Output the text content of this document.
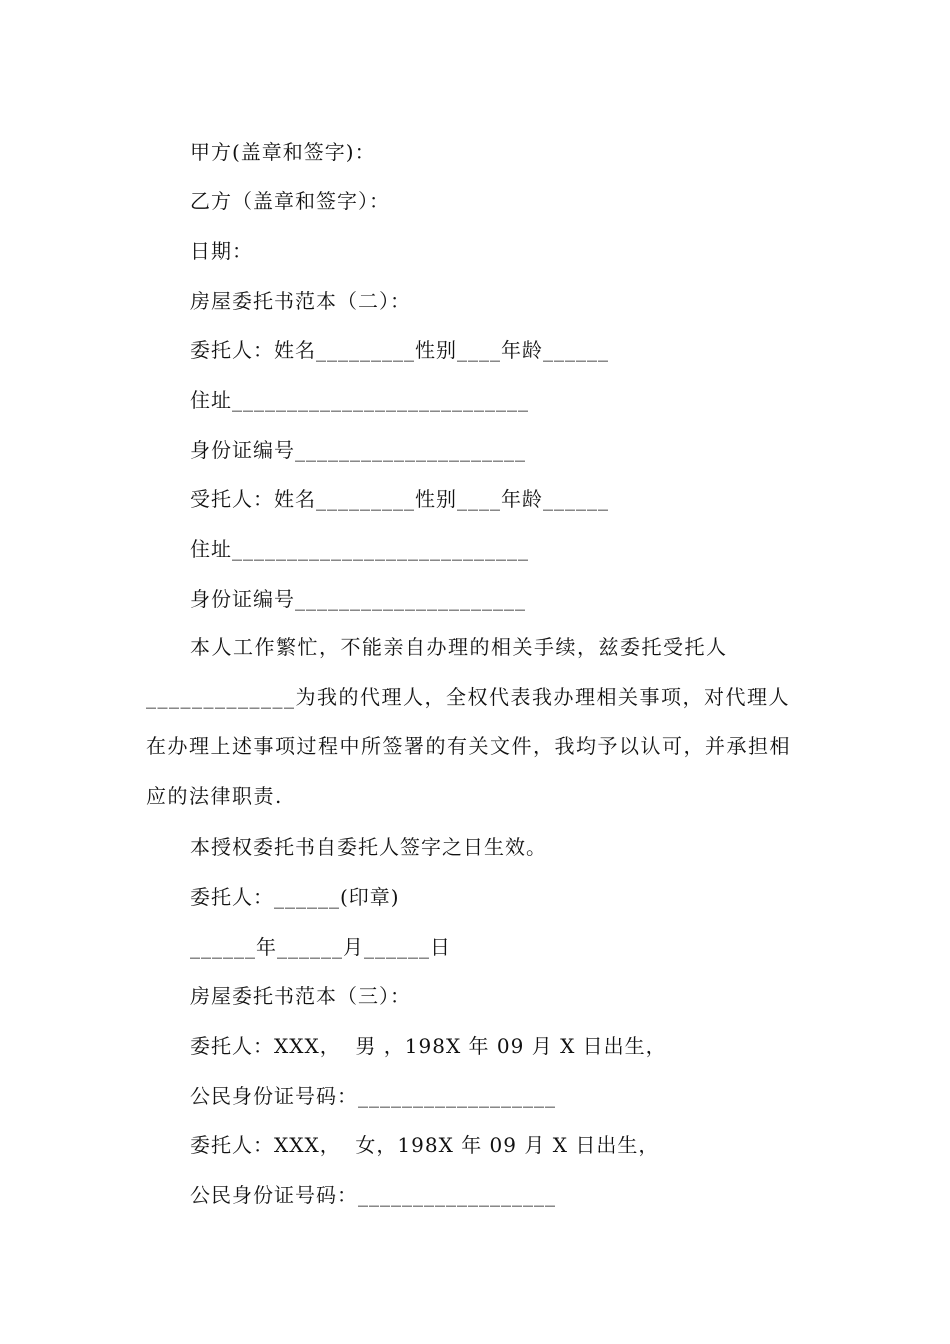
甲方(盖章和签字)：
乙方（盖章和签字）：
日期：
房屋委托书范本（二）：
委托人：姓名_________性别____年龄______
住址___________________________
身份证编号_____________________
受托人：姓名_________性别____年龄______
住址___________________________
身份证编号_____________________
本人工作繁忙，不能亲自办理的相关手续，兹委托受托人_____________为我的代理人，全权代表我办理相关事项，对代理人在办理上述事项过程中所签署的有关文件，我均予以认可，并承担相应的法律职责.
本授权委托书自委托人签字之日生效。
委托人：______(印章)
______年______月______日
房屋委托书范本（三）：
委托人：XXX，  男 ，198X 年 09 月 X 日出生，
公民身份证号码：__________________
委托人：XXX，  女，198X 年 09 月 X 日出生，
公民身份证号码：__________________
